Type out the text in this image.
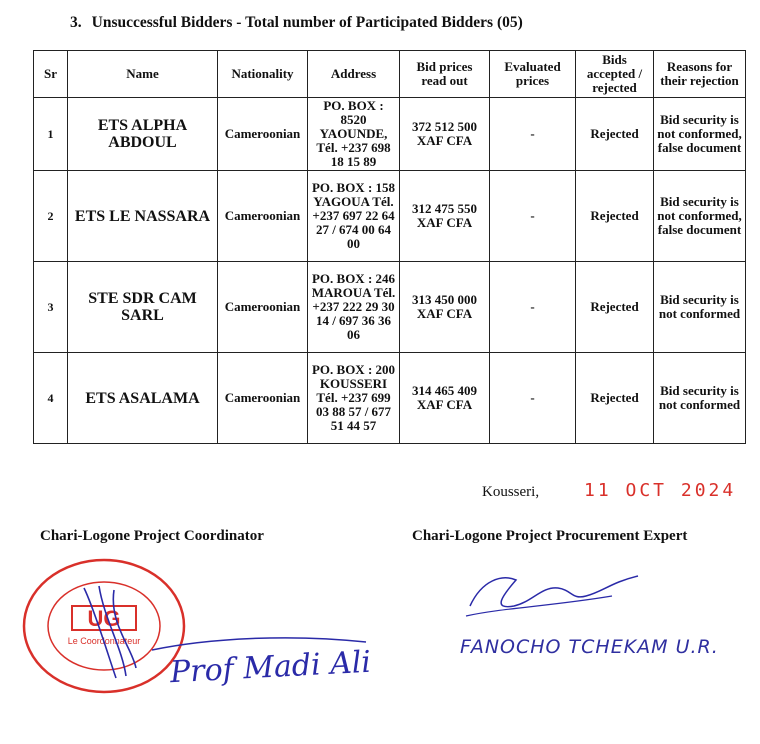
3. Unsuccessful Bidders - Total number of Participated Bidders (05)
Sr	Name	Nationality	Address	Bid prices read out	Evaluated prices	Bids accepted / rejected	Reasons for their rejection
1	ETS ALPHA ABDOUL	Cameroonian	PO. BOX : 8520 YAOUNDE, Tél. +237 698 18 15 89	372 512 500 XAF CFA	-	Rejected	Bid security is not conformed, false document
2	ETS LE NASSARA	Cameroonian	PO. BOX : 158 YAGOUA Tél. +237 697 22 64 27 / 674 00 64 00	312 475 550 XAF CFA	-	Rejected	Bid security is not conformed, false document
3	STE SDR CAM SARL	Cameroonian	PO. BOX : 246 MAROUA Tél. +237 222 29 30 14 / 697 36 36 06	313 450 000 XAF CFA	-	Rejected	Bid security is not conformed
4	ETS ASALAMA	Cameroonian	PO. BOX : 200 KOUSSERI Tél. +237 699 03 88 57 / 677 51 44 57	314 465 409 XAF CFA	-	Rejected	Bid security is not conformed
Kousseri, 11 OCT 2024
Chari-Logone Project Coordinator	Chari-Logone Project Procurement Expert
UG
Le Coordonnateur
Prof Madi Ali	FANOCHO TCHEKAM U.R.
